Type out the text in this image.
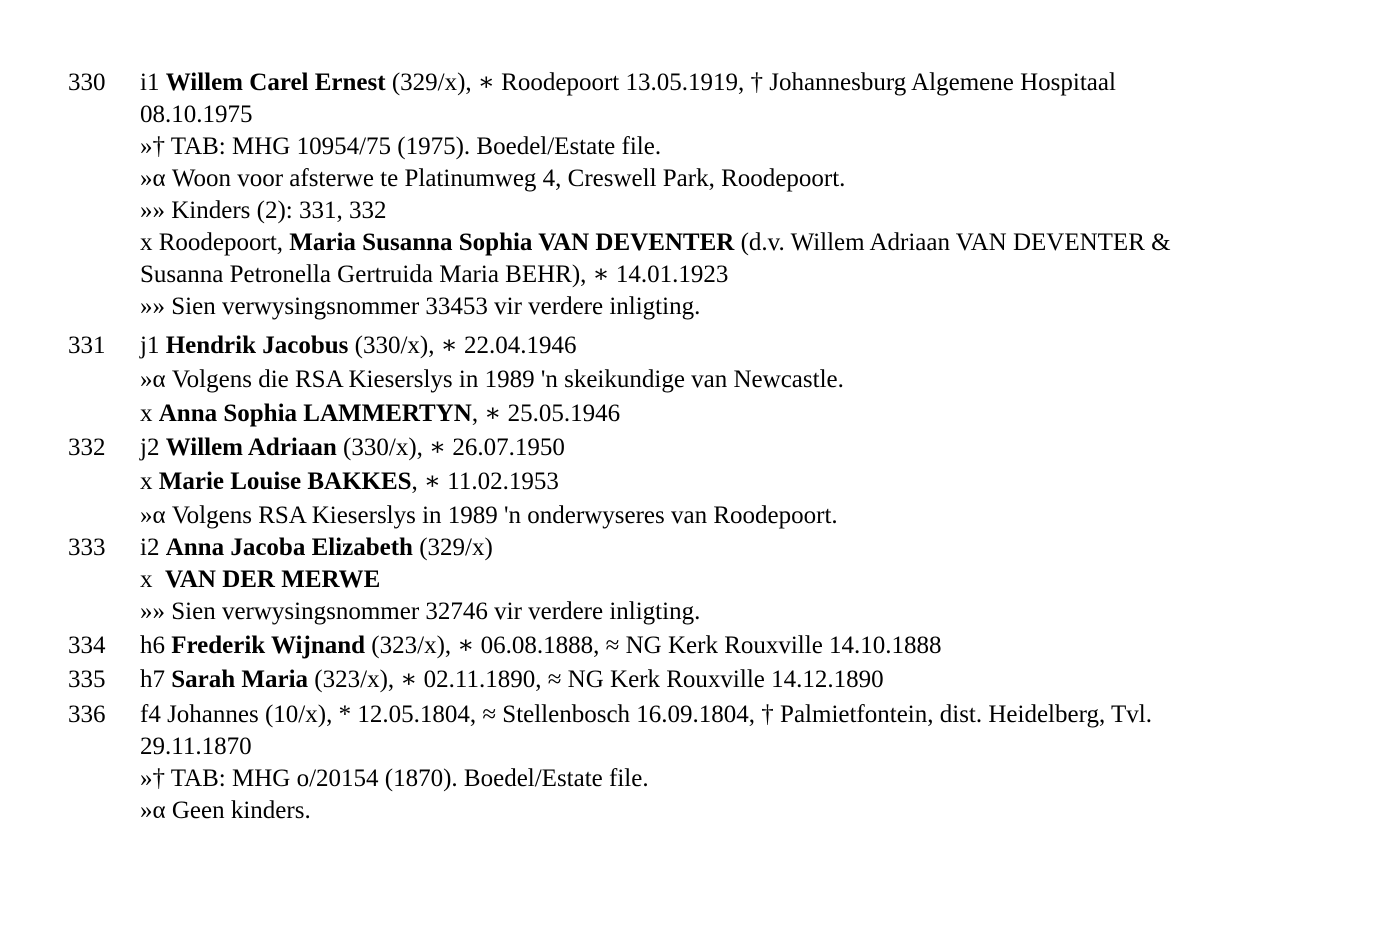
330 i1 Willem Carel Ernest (329/x), ∗ Roodepoort 13.05.1919, † Johannesburg Algemene Hospitaal
08.10.1975
»† TAB: MHG 10954/75 (1975). Boedel/Estate file.
»α Woon voor afsterwe te Platinumweg 4, Creswell Park, Roodepoort.
»» Kinders (2): 331, 332
x Roodepoort, Maria Susanna Sophia VAN DEVENTER (d.v. Willem Adriaan VAN DEVENTER &
Susanna Petronella Gertruida Maria BEHR), ∗ 14.01.1923
»» Sien verwysingsnommer 33453 vir verdere inligting.
331 j1 Hendrik Jacobus (330/x), ∗ 22.04.1946
»α Volgens die RSA Kieserslys in 1989 'n skeikundige van Newcastle.
x Anna Sophia LAMMERTYN, ∗ 25.05.1946
332 j2 Willem Adriaan (330/x), ∗ 26.07.1950
x Marie Louise BAKKES, ∗ 11.02.1953
»α Volgens RSA Kieserslys in 1989 'n onderwyseres van Roodepoort.
333 i2 Anna Jacoba Elizabeth (329/x)
x  VAN DER MERWE
»» Sien verwysingsnommer 32746 vir verdere inligting.
334 h6 Frederik Wijnand (323/x), ∗ 06.08.1888, ≈ NG Kerk Rouxville 14.10.1888
335 h7 Sarah Maria (323/x), ∗ 02.11.1890, ≈ NG Kerk Rouxville 14.12.1890
336 f4 Johannes (10/x), * 12.05.1804, ≈ Stellenbosch 16.09.1804, † Palmietfontein, dist. Heidelberg, Tvl.
29.11.1870
»† TAB: MHG o/20154 (1870). Boedel/Estate file.
»α Geen kinders.
